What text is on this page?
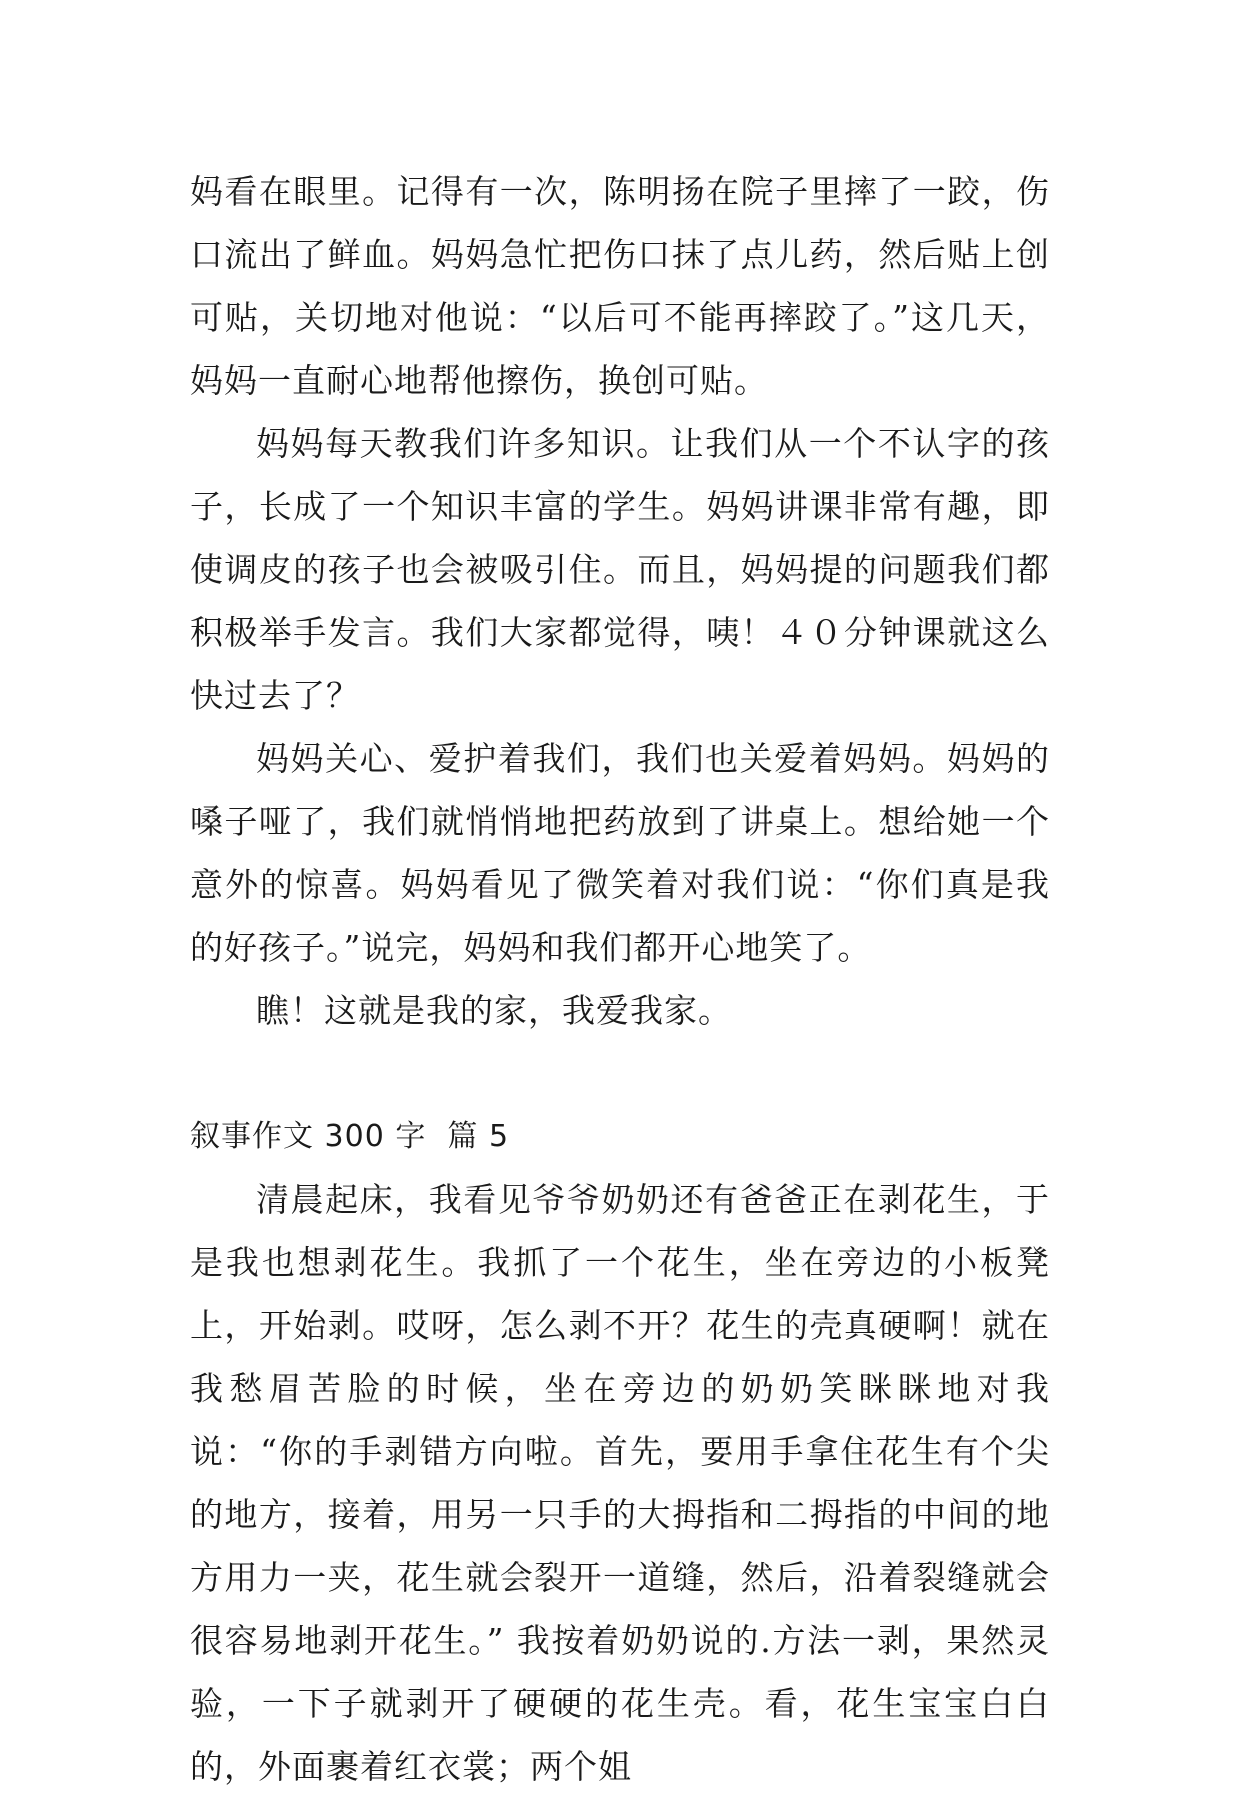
妈看在眼里。记得有一次，陈明扬在院子里摔了一跤，伤口流出了鲜血。妈妈急忙把伤口抹了点儿药，然后贴上创可贴，关切地对他说：“以后可不能再摔跤了。”这几天，妈妈一直耐心地帮他擦伤，换创可贴。

妈妈每天教我们许多知识。让我们从一个不认字的孩子，长成了一个知识丰富的学生。妈妈讲课非常有趣，即使调皮的孩子也会被吸引住。而且，妈妈提的问题我们都积极举手发言。我们大家都觉得，咦！４０分钟课就这么快过去了？

妈妈关心、爱护着我们，我们也关爱着妈妈。妈妈的嗓子哑了，我们就悄悄地把药放到了讲桌上。想给她一个意外的惊喜。妈妈看见了微笑着对我们说：“你们真是我的好孩子。”说完，妈妈和我们都开心地笑了。

瞧！这就是我的家，我爱我家。

叙事作文 300 字  篇 5

清晨起床，我看见爷爷奶奶还有爸爸正在剥花生，于是我也想剥花生。我抓了一个花生，坐在旁边的小板凳上，开始剥。哎呀，怎么剥不开？花生的壳真硬啊！就在我愁眉苦脸的时候，坐在旁边的奶奶笑眯眯地对我说：“你的手剥错方向啦。首先，要用手拿住花生有个尖的地方，接着，用另一只手的大拇指和二拇指的中间的地方用力一夹，花生就会裂开一道缝，然后，沿着裂缝就会很容易地剥开花生。” 我按着奶奶说的.方法一剥，果然灵验，一下子就剥开了硬硬的花生壳。看，花生宝宝白白的，外面裹着红衣裳；两个姐
